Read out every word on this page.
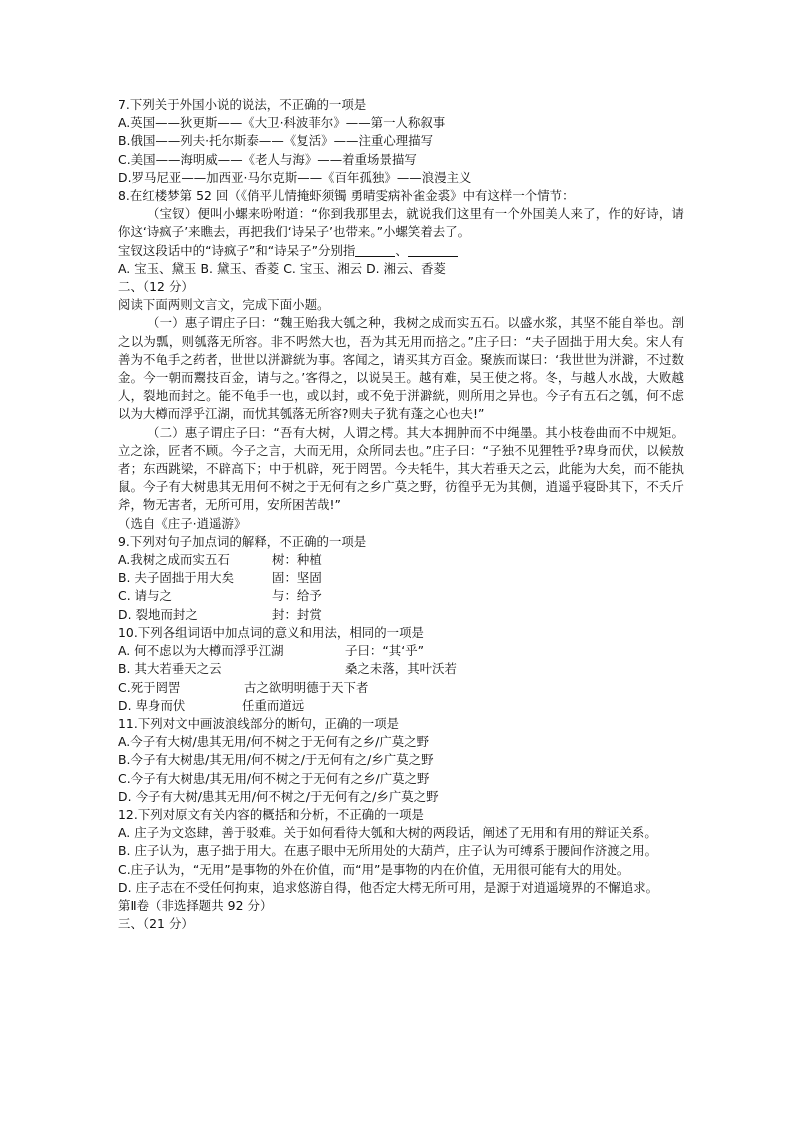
7.下列关于外国小说的说法，不正确的一项是
A.英国——狄更斯——《大卫·科波菲尔》——第一人称叙事
B.俄国——列夫·托尔斯泰——《复活》——注重心理描写
C.美国——海明威——《老人与海》——着重场景描写
D.罗马尼亚——加西亚·马尔克斯——《百年孤独》——浪漫主义
8.在红楼梦第 52 回（《俏平儿情掩虾须镯 勇晴雯病补雀金裘》中有这样一个情节：
（宝钗）便叫小螺来吩咐道：“你到我那里去，就说我们这里有一个外国美人来了，作的好诗，请你这‘诗疯子’来瞧去，再把我们‘诗呆子’也带来。”小螺笑着去了。
宝钗这段话中的“诗疯子”和“诗呆子”分别指	、
A. 宝玉、黛玉 B. 黛玉、香菱 C. 宝玉、湘云 D. 湘云、香菱
二、（12 分）
阅读下面两则文言文，完成下面小题。
（一）惠子谓庄子曰：“魏王贻我大瓠之种，我树之成而实五石。以盛水浆，其坚不能自举也。剖之以为瓢，则瓠落无所容。非不呺然大也，吾为其无用而掊之。”庄子曰：“夫子固拙于用大矣。宋人有善为不龟手之药者，世世以洴澼絖为事。客闻之，请买其方百金。聚族而谋曰：‘我世世为洴澼，不过数金。今一朝而鬻技百金，请与之。’客得之，以说吴王。越有难，吴王使之将。冬，与越人水战，大败越人，裂地而封之。能不龟手一也，或以封，或不免于洴澼絖，则所用之异也。今子有五石之瓠，何不虑以为大樽而浮乎江湖，而忧其瓠落无所容?则夫子犹有蓬之心也夫!”
（二）惠子谓庄子曰：“吾有大树，人谓之樗。其大本拥肿而不中绳墨。其小枝卷曲而不中规矩。立之涂，匠者不顾。今子之言，大而无用，众所同去也。”庄子曰：“子独不见狸牲乎?卑身而伏，以候敖者；东西跳梁，不辟高下；中于机辟，死于罔罟。今夫牦牛，其大若垂天之云，此能为大矣，而不能执鼠。今子有大树患其无用何不树之于无何有之乡广莫之野，彷徨乎无为其侧，逍遥乎寝卧其下，不夭斤斧，物无害者，无所可用，安所困苦哉!”
（选自《庄子·逍遥游》
9.下列对句子加点词的解释，不正确的一项是
A.我树之成而实五石	树：种植
B. 夫子固拙于用大矣	固：坚固
C. 请与之	与：给予
D. 裂地而封之	封：封赏
10.下列各组词语中加点词的意义和用法，相同的一项是
A. 何不虑以为大樽而浮乎江湖	子曰：“其‘乎”
B. 其大若垂天之云	桑之未落，其叶沃若
C.死于罔罟	古之欲明明德于天下者
D. 卑身而伏	任重而道远
11.下列对文中画波浪线部分的断句，正确的一项是
A.今子有大树/患其无用/何不树之于无何有之乡/广莫之野
B.今子有大树患/其无用/何不树之/于无何有之/乡广莫之野
C.今子有大树患/其无用/何不树之于无何有之乡/广莫之野
D. 今子有大树/患其无用/何不树之/于无何有之/乡广莫之野
12.下列对原文有关内容的概括和分析，不正确的一项是
A. 庄子为文恣肆，善于驳难。关于如何看待大瓠和大树的两段话，阐述了无用和有用的辩证关系。
B. 庄子认为，惠子拙于用大。在惠子眼中无所用处的大葫芦，庄子认为可缚系于腰间作济渡之用。
C.庄子认为，“无用”是事物的外在价值，而“用”是事物的内在价值，无用很可能有大的用处。
D. 庄子志在不受任何拘束，追求悠游自得，他否定大樗无所可用，是源于对逍遥境界的不懈追求。
第Ⅱ卷（非选择题共 92 分）
三、（21 分）
